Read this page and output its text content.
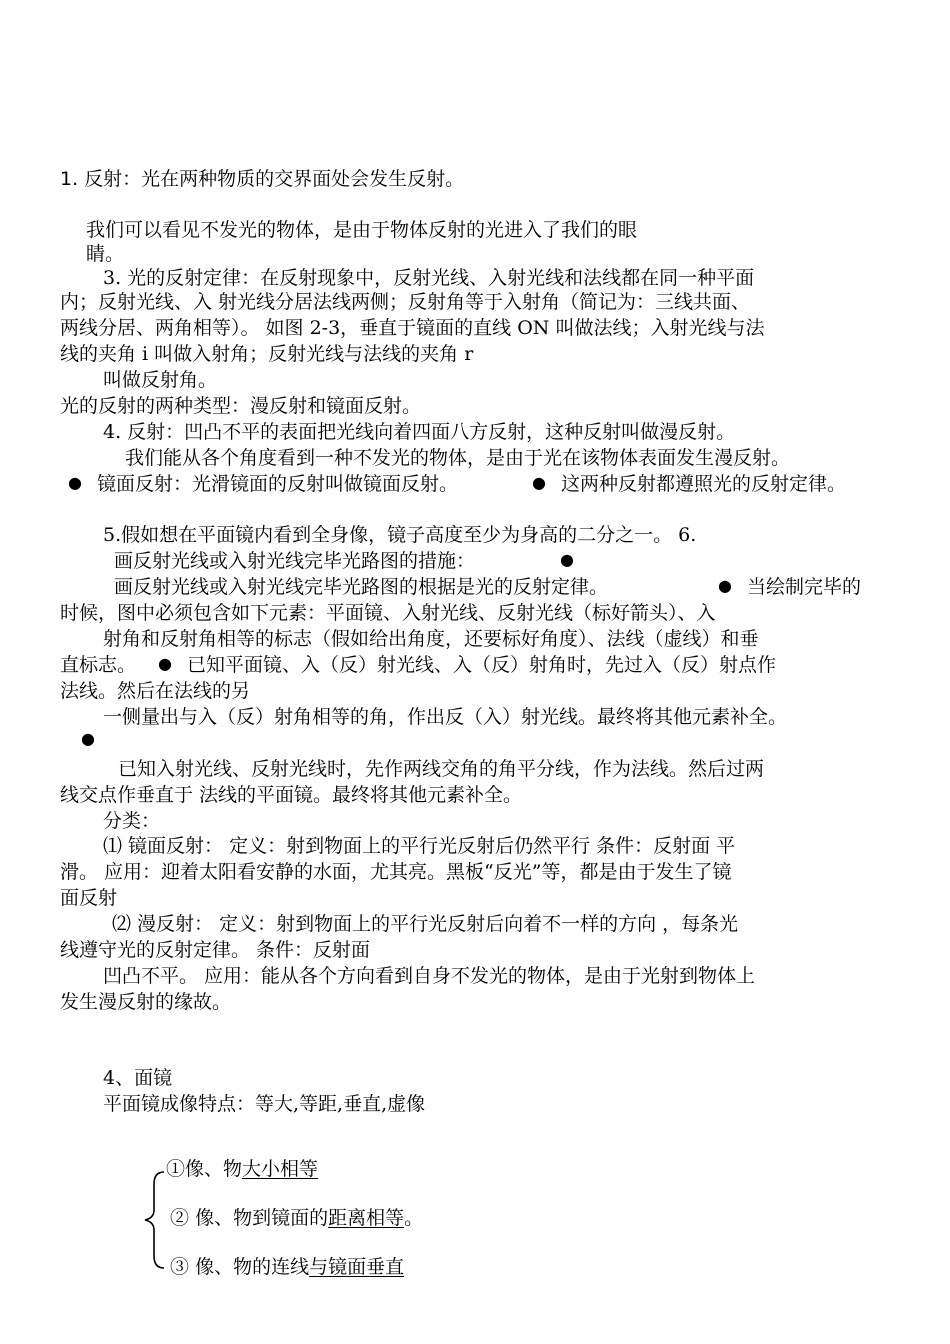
1. 反射：光在两种物质的交界面处会发生反射。
我们可以看见不发光的物体，是由于物体反射的光进入了我们的眼
睛。
3. 光的反射定律：在反射现象中，反射光线、入射光线和法线都在同一种平面
内；反射光线、入 射光线分居法线两侧；反射角等于入射角（简记为：三线共面、
两线分居、两角相等）。 如图 2-3，垂直于镜面的直线 ON 叫做法线；入射光线与法
线的夹角 i 叫做入射角；反射光线与法线的夹角 r
叫做反射角。
光的反射的两种类型：漫反射和镜面反射。
4. 反射：凹凸不平的表面把光线向着四面八方反射，这种反射叫做漫反射。
我们能从各个角度看到一种不发光的物体，是由于光在该物体表面发生漫反射。
● 镜面反射：光滑镜面的反射叫做镜面反射。	● 这两种反射都遵照光的反射定律。
5.假如想在平面镜内看到全身像，镜子高度至少为身高的二分之一。 6.
画反射光线或入射光线完毕光路图的措施：	●
画反射光线或入射光线完毕光路图的根据是光的反射定律。	● 当绘制完毕的
时候，图中必须包含如下元素：平面镜、入射光线、反射光线（标好箭头）、入
射角和反射角相等的标志（假如给出角度，还要标好角度）、法线（虚线）和垂
直标志。 ● 已知平面镜、入（反）射光线、入（反）射角时，先过入（反）射点作
法线。然后在法线的另
一侧量出与入（反）射角相等的角，作出反（入）射光线。最终将其他元素补全。
●
已知入射光线、反射光线时，先作两线交角的角平分线，作为法线。然后过两
线交点作垂直于 法线的平面镜。最终将其他元素补全。
分类：
⑴ 镜面反射： 定义：射到物面上的平行光反射后仍然平行 条件：反射面 平
滑。 应用：迎着太阳看安静的水面，尤其亮。黑板“反光”等，都是由于发生了镜
面反射
⑵ 漫反射： 定义：射到物面上的平行光反射后向着不一样的方向 ，每条光
线遵守光的反射定律。 条件：反射面
凹凸不平。 应用：能从各个方向看到自身不发光的物体，是由于光射到物体上
发生漫反射的缘故。
4、面镜
平面镜成像特点：等大,等距,垂直,虚像
①像、物大小相等
② 像、物到镜面的距离相等。
③ 像、物的连线与镜面垂直
